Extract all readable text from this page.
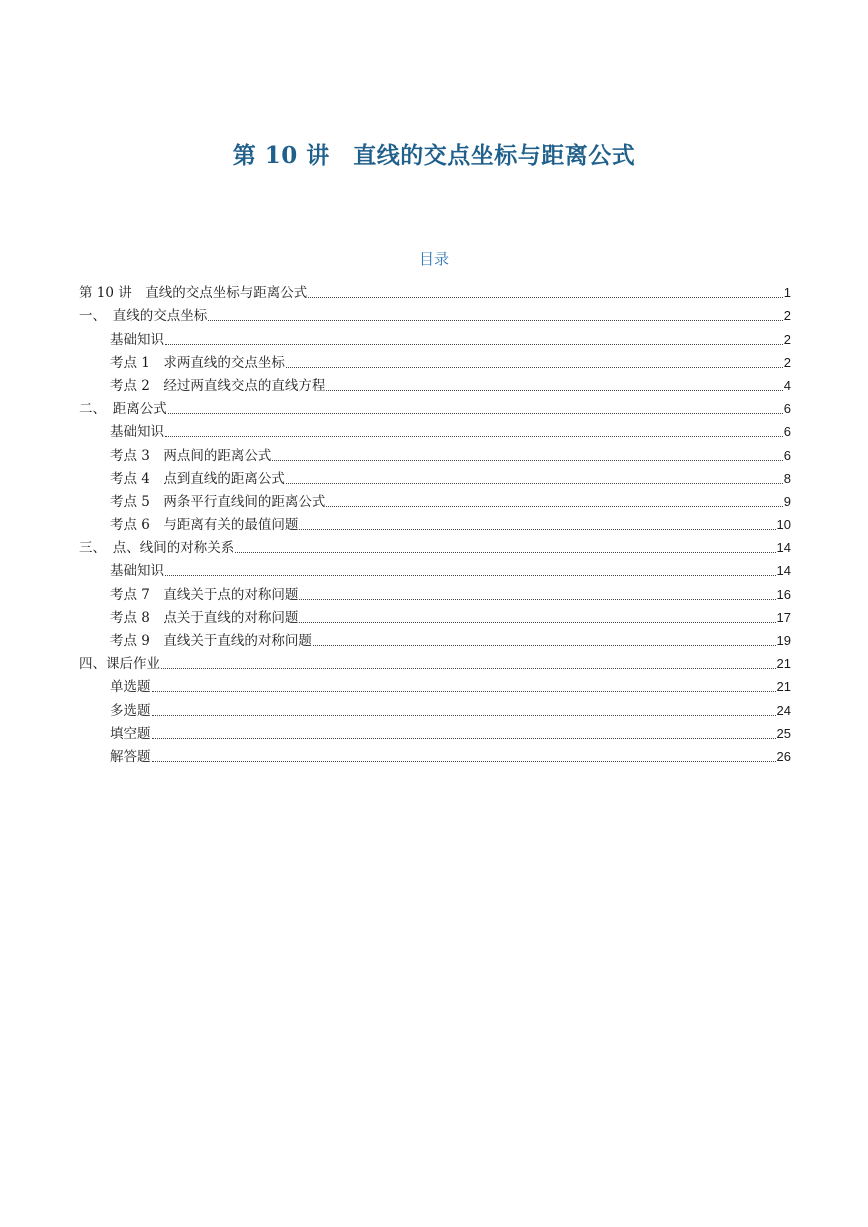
第 10 讲　直线的交点坐标与距离公式
目录
第 10 讲　直线的交点坐标与距离公式	1
一、　直线的交点坐标	2
基础知识	2
考点 1　求两直线的交点坐标	2
考点 2　经过两直线交点的直线方程	4
二、　距离公式	6
基础知识	6
考点 3　两点间的距离公式	6
考点 4　点到直线的距离公式	8
考点 5　两条平行直线间的距离公式	9
考点 6　与距离有关的最值问题	10
三、　点、线间的对称关系	14
基础知识	14
考点 7　直线关于点的对称问题	16
考点 8　点关于直线的对称问题	17
考点 9　直线关于直线的对称问题	19
四、课后作业	21
单选题	21
多选题	24
填空题	25
解答题	26
